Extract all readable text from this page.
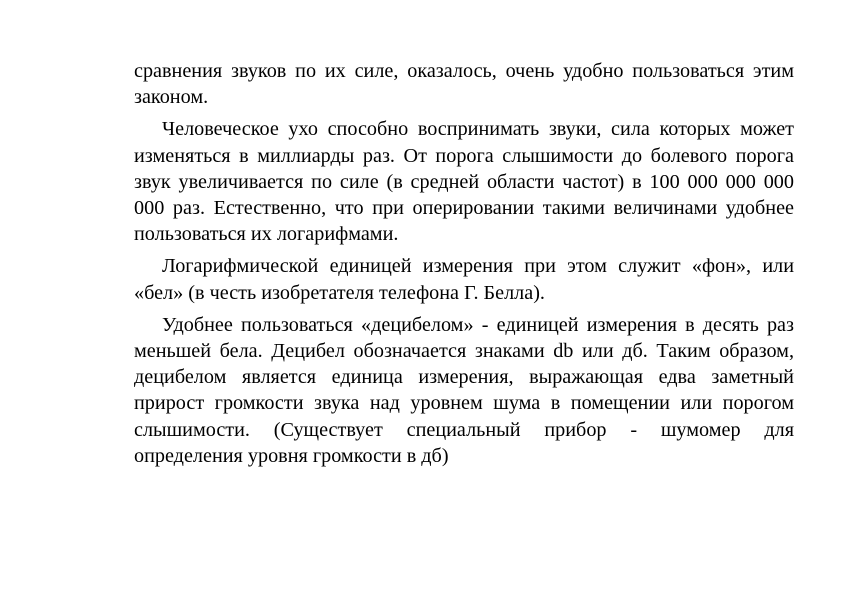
сравнения звуков по их силе, оказалось, очень удобно пользоваться этим законом.

Человеческое ухо способно воспринимать звуки, сила которых может изменяться в миллиарды раз. От порога слышимости до болевого порога звук увеличивается по силе (в средней области частот) в 100 000 000 000 000 раз. Естественно, что при оперировании такими величинами удобнее пользоваться их логарифмами.

Логарифмической единицей измерения при этом служит «фон», или «бел» (в честь изобретателя телефона Г. Белла).

Удобнее пользоваться «децибелом» - единицей измерения в десять раз меньшей бела. Децибел обозначается знаками db или дб. Таким образом, децибелом является единица измерения, выражающая едва заметный прирост громкости звука над уровнем шума в помещении или порогом слышимости. (Существует специальный прибор - шумомер для определения уровня громкости в дб)
